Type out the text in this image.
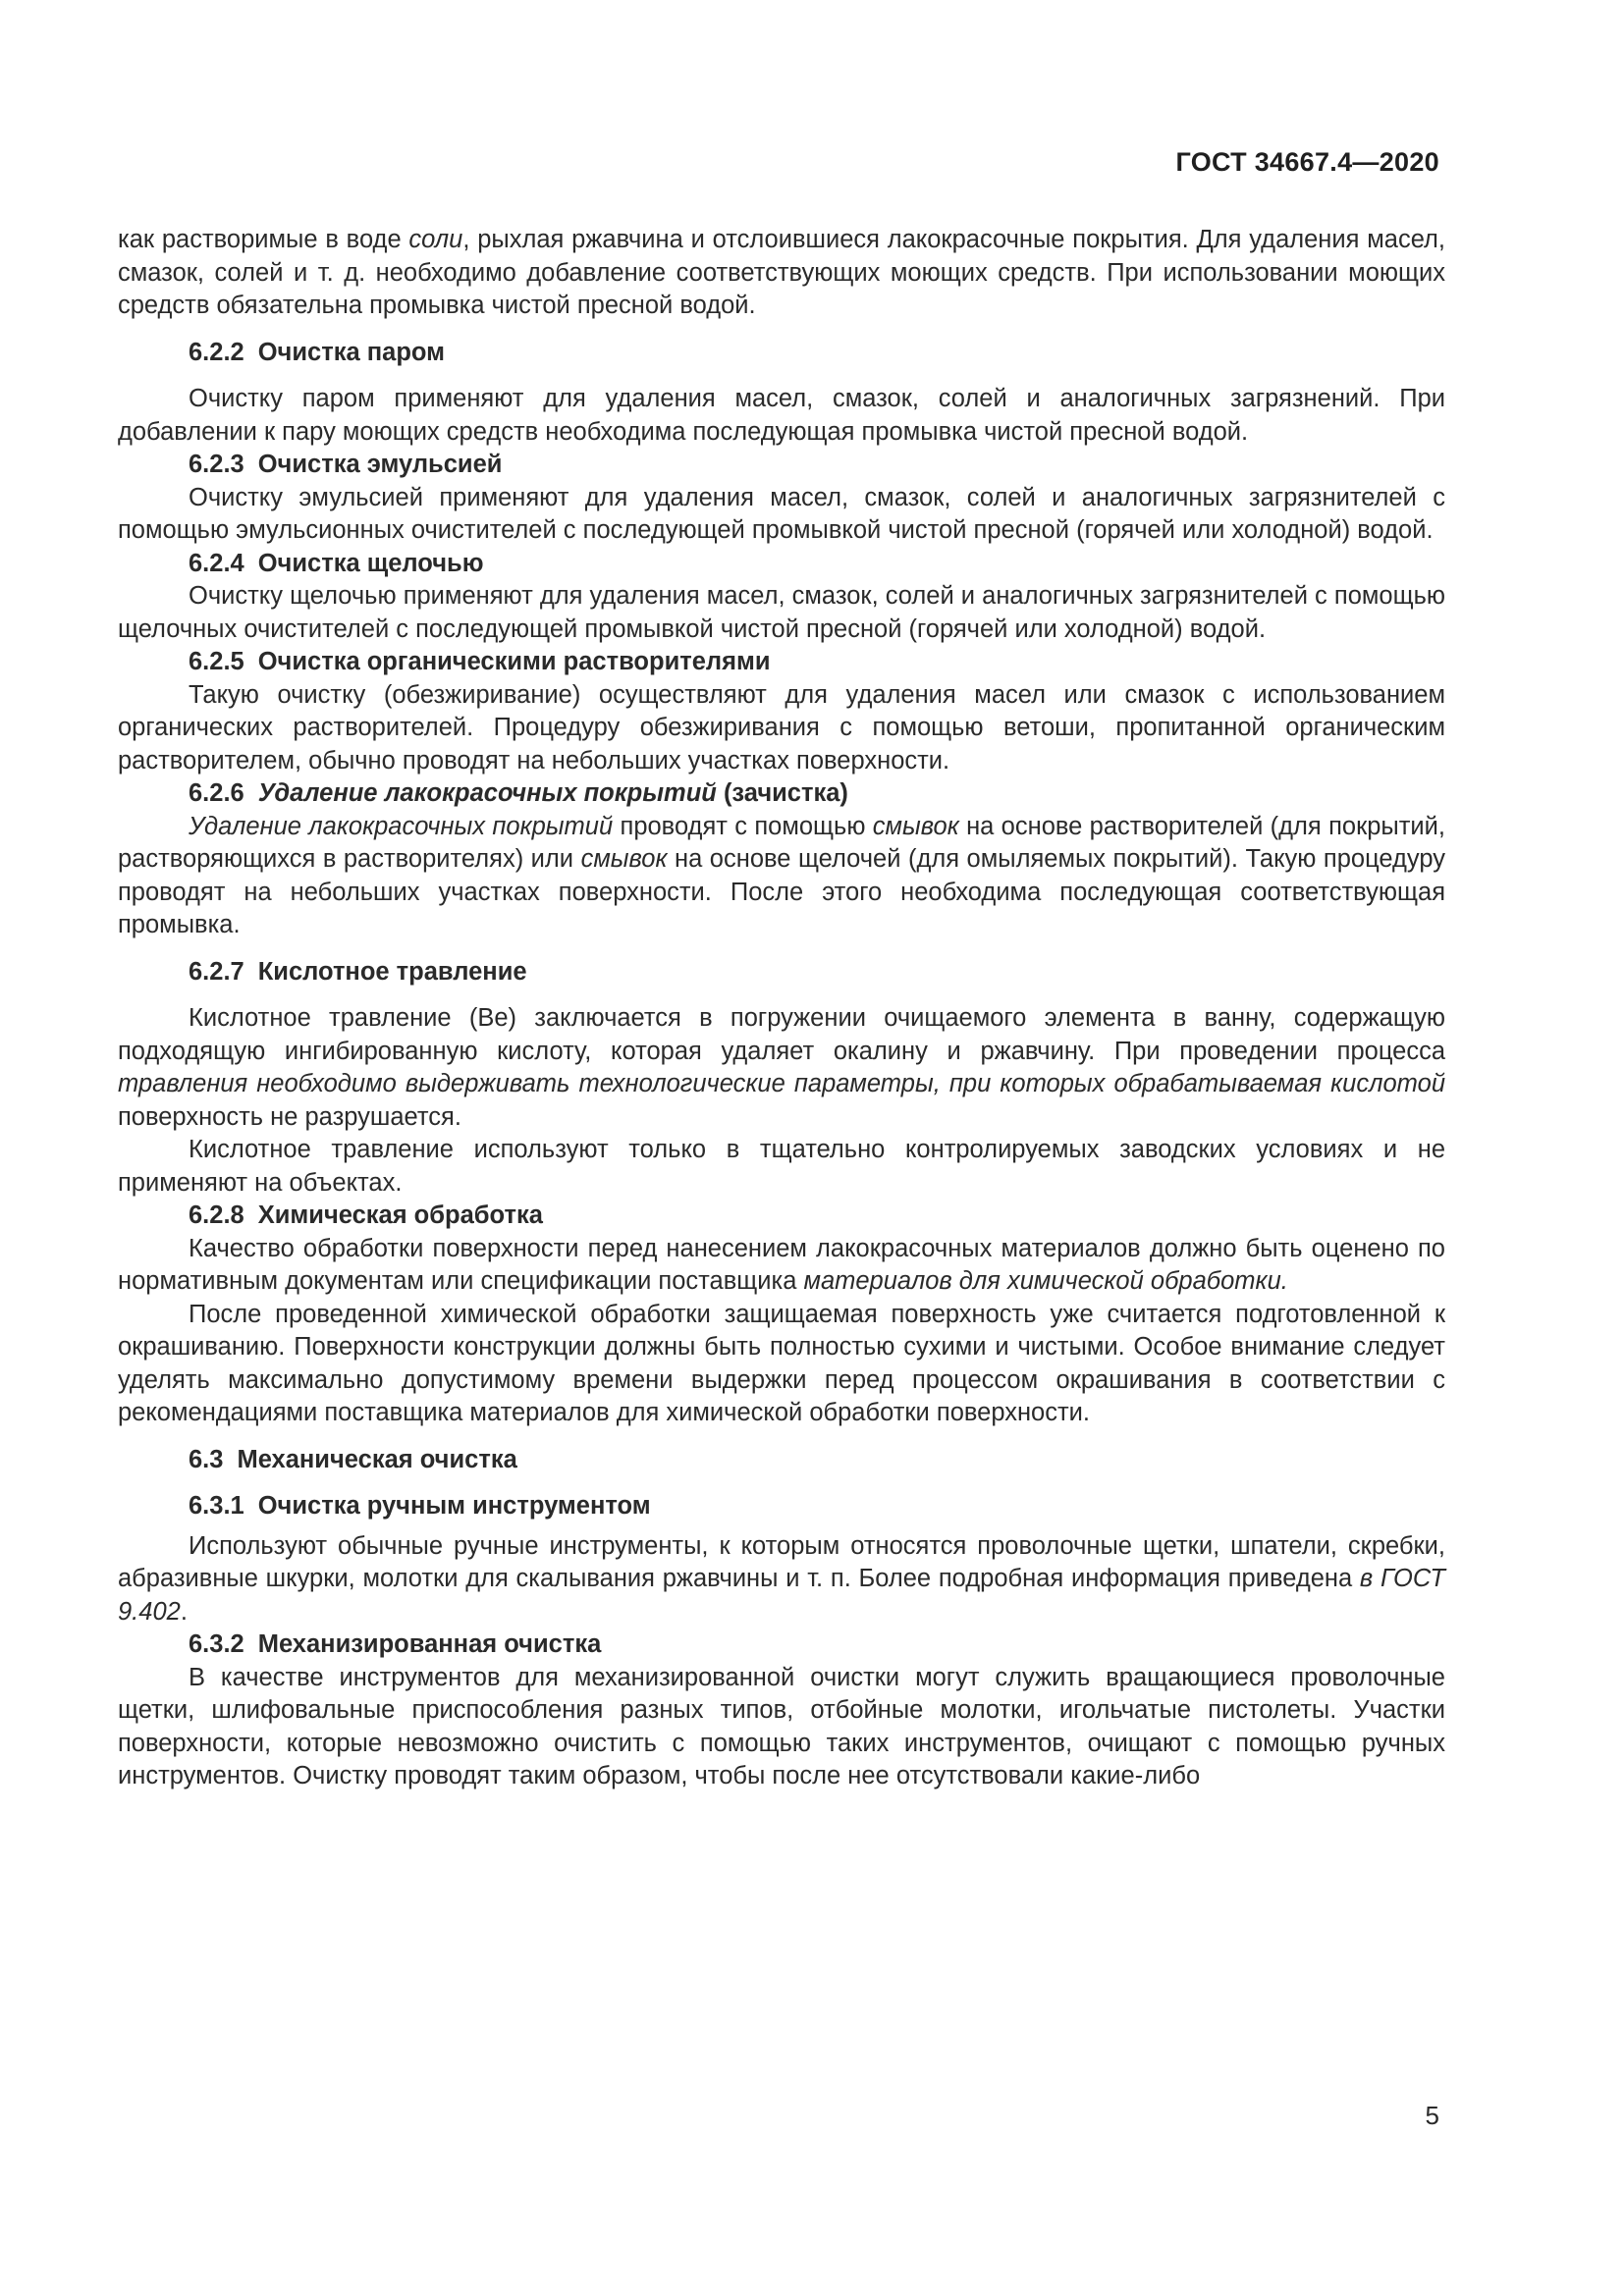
ГОСТ 34667.4—2020

как растворимые в воде соли, рыхлая ржавчина и отслоившиеся лакокрасочные покрытия. Для удаления масел, смазок, солей и т. д. необходимо добавление соответствующих моющих средств. При использовании моющих средств обязательна промывка чистой пресной водой.

6.2.2 Очистка паром

Очистку паром применяют для удаления масел, смазок, солей и аналогичных загрязнений. При добавлении к пару моющих средств необходима последующая промывка чистой пресной водой.

6.2.3 Очистка эмульсией

Очистку эмульсией применяют для удаления масел, смазок, солей и аналогичных загрязнителей с помощью эмульсионных очистителей с последующей промывкой чистой пресной (горячей или холодной) водой.

6.2.4 Очистка щелочью

Очистку щелочью применяют для удаления масел, смазок, солей и аналогичных загрязнителей с помощью щелочных очистителей с последующей промывкой чистой пресной (горячей или холодной) водой.

6.2.5 Очистка органическими растворителями

Такую очистку (обезжиривание) осуществляют для удаления масел или смазок с использованием органических растворителей. Процедуру обезжиривания с помощью ветоши, пропитанной органическим растворителем, обычно проводят на небольших участках поверхности.

6.2.6 Удаление лакокрасочных покрытий (зачистка)

Удаление лакокрасочных покрытий проводят с помощью смывок на основе растворителей (для покрытий, растворяющихся в растворителях) или смывок на основе щелочей (для омыляемых покрытий). Такую процедуру проводят на небольших участках поверхности. После этого необходима последующая соответствующая промывка.

6.2.7 Кислотное травление

Кислотное травление (Be) заключается в погружении очищаемого элемента в ванну, содержащую подходящую ингибированную кислоту, которая удаляет окалину и ржавчину. При проведении процесса травления необходимо выдерживать технологические параметры, при которых обрабатываемая кислотой поверхность не разрушается.

Кислотное травление используют только в тщательно контролируемых заводских условиях и не применяют на объектах.

6.2.8 Химическая обработка

Качество обработки поверхности перед нанесением лакокрасочных материалов должно быть оценено по нормативным документам или спецификации поставщика материалов для химической обработки.

После проведенной химической обработки защищаемая поверхность уже считается подготовленной к окрашиванию. Поверхности конструкции должны быть полностью сухими и чистыми. Особое внимание следует уделять максимально допустимому времени выдержки перед процессом окрашивания в соответствии с рекомендациями поставщика материалов для химической обработки поверхности.

6.3 Механическая очистка
6.3.1 Очистка ручным инструментом

Используют обычные ручные инструменты, к которым относятся проволочные щетки, шпатели, скребки, абразивные шкурки, молотки для скалывания ржавчины и т. п. Более подробная информация приведена в ГОСТ 9.402.

6.3.2 Механизированная очистка

В качестве инструментов для механизированной очистки могут служить вращающиеся проволочные щетки, шлифовальные приспособления разных типов, отбойные молотки, игольчатые пистолеты. Участки поверхности, которые невозможно очистить с помощью таких инструментов, очищают с помощью ручных инструментов. Очистку проводят таким образом, чтобы после нее отсутствовали какие-либо

5
